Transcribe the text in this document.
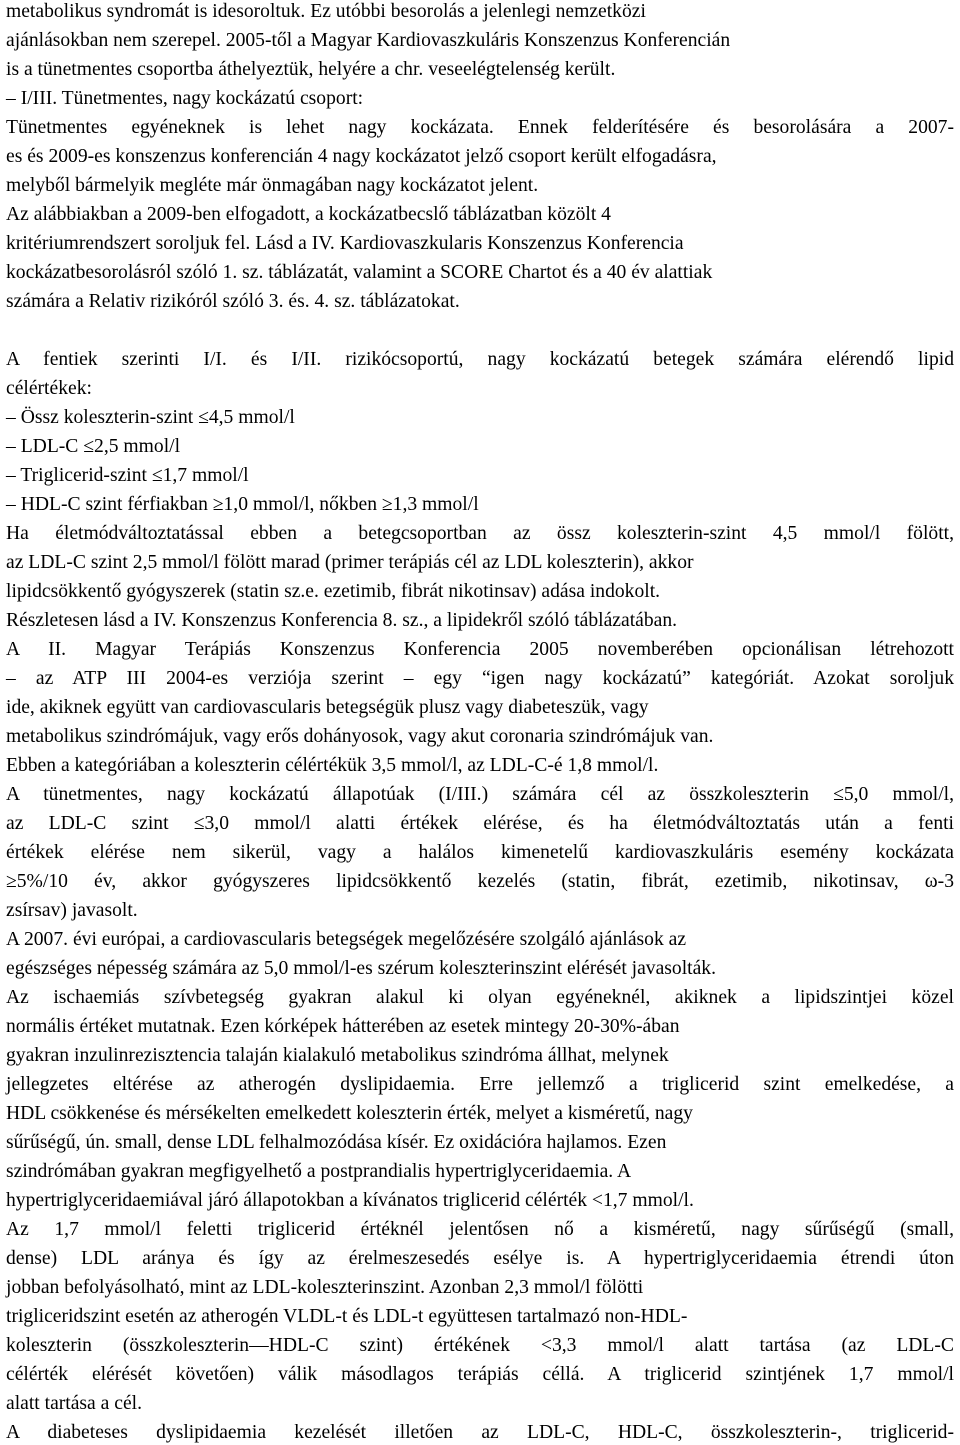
metabolikus syndromát is idesoroltuk. Ez utóbbi besorolás a jelenlegi nemzetközi
ajánlásokban nem szerepel. 2005-től a Magyar Kardiovaszkuláris Konszenzus Konferencián
is a tünetmentes csoportba áthelyeztük, helyére a chr. veseelégtelenség került.
– I/III. Tünetmentes, nagy kockázatú csoport:
Tünetmentes egyéneknek is lehet nagy kockázata. Ennek felderítésére és besorolására a 2007-
es és 2009-es konszenzus konferencián 4 nagy kockázatot jelző csoport került elfogadásra,
melyből bármelyik megléte már önmagában nagy kockázatot jelent.
Az alábbiakban a 2009-ben elfogadott, a kockázatbecslő táblázatban közölt 4
kritériumrendszert soroljuk fel. Lásd a IV. Kardiovaszkularis Konszenzus Konferencia
kockázatbesorolásról szóló 1. sz. táblázatát, valamint a SCORE Chartot és a 40 év alattiak
számára a Relativ rizikóról szóló 3. és. 4. sz. táblázatokat.
A fentiek szerinti I/I. és I/II. rizikócsoportú, nagy kockázatú betegek számára elérendő lipid
célértékek:
– Össz koleszterin-szint ≤4,5 mmol/l
– LDL-C ≤2,5 mmol/l
– Triglicerid-szint ≤1,7 mmol/l
– HDL-C szint férfiakban ≥1,0 mmol/l, nőkben ≥1,3 mmol/l
Ha életmódváltoztatással ebben a betegcsoportban az össz koleszterin-szint 4,5 mmol/l fölött,
az LDL-C szint 2,5 mmol/l fölött marad (primer terápiás cél az LDL koleszterin), akkor
lipidcsökkentő gyógyszerek (statin sz.e. ezetimib, fibrát nikotinsav) adása indokolt.
Részletesen lásd a IV. Konszenzus Konferencia 8. sz., a lipidekről szóló táblázatában.
A II. Magyar Terápiás Konszenzus Konferencia 2005 novemberében opcionálisan létrehozott
– az ATP III 2004-es verziója szerint – egy “igen nagy kockázatú” kategóriát. Azokat soroljuk
ide, akiknek együtt van cardiovascularis betegségük plusz vagy diabeteszük, vagy
metabolikus szindrómájuk, vagy erős dohányosok, vagy akut coronaria szindrómájuk van.
Ebben a kategóriában a koleszterin célértékük 3,5 mmol/l, az LDL-C-é 1,8 mmol/l.
A tünetmentes, nagy kockázatú állapotúak (I/III.) számára cél az összkoleszterin ≤5,0 mmol/l,
az LDL-C szint ≤3,0 mmol/l alatti értékek elérése, és ha életmódváltoztatás után a fenti
értékek elérése nem sikerül, vagy a halálos kimenetelű kardiovaszkuláris esemény kockázata
≥5%/10 év, akkor gyógyszeres lipidcsökkentő kezelés (statin, fibrát, ezetimib, nikotinsav, ω-3
zsírsav) javasolt.
A 2007. évi európai, a cardiovascularis betegségek megelőzésére szolgáló ajánlások az
egészséges népesség számára az 5,0 mmol/l-es szérum koleszterinszint elérését javasolták.
Az ischaemiás szívbetegség gyakran alakul ki olyan egyéneknél, akiknek a lipidszintjei közel
normális értéket mutatnak. Ezen kórképek hátterében az esetek mintegy 20-30%-ában
gyakran inzulinrezisztencia talaján kialakuló metabolikus szindróma állhat, melynek
jellegzetes eltérése az atherogén dyslipidaemia. Erre jellemző a triglicerid szint emelkedése, a
HDL csökkenése és mérsékelten emelkedett koleszterin érték, melyet a kisméretű, nagy
sűrűségű, ún. small, dense LDL felhalmozódása kísér. Ez oxidációra hajlamos. Ezen
szindrómában gyakran megfigyelhető a postprandialis hypertriglyceridaemia. A
hypertriglyceridaemiával járó állapotokban a kívánatos triglicerid célérték <1,7 mmol/l.
Az 1,7 mmol/l feletti triglicerid értéknél jelentősen nő a kisméretű, nagy sűrűségű (small,
dense) LDL aránya és így az érelmeszesedés esélye is. A hypertriglyceridaemia étrendi úton
jobban befolyásolható, mint az LDL-koleszterinszint. Azonban 2,3 mmol/l fölötti
trigliceridszint esetén az atherogén VLDL-t és LDL-t együttesen tartalmazó non-HDL-
koleszterin (összkoleszterin―HDL-C szint) értékének <3,3 mmol/l alatt tartása (az LDL-C
célérték elérését követően) válik másodlagos terápiás céllá. A triglicerid szintjének 1,7 mmol/l
alatt tartása a cél.
A diabeteses dyslipidaemia kezelését illetően az LDL-C, HDL-C, összkoleszterin-, triglicerid-
